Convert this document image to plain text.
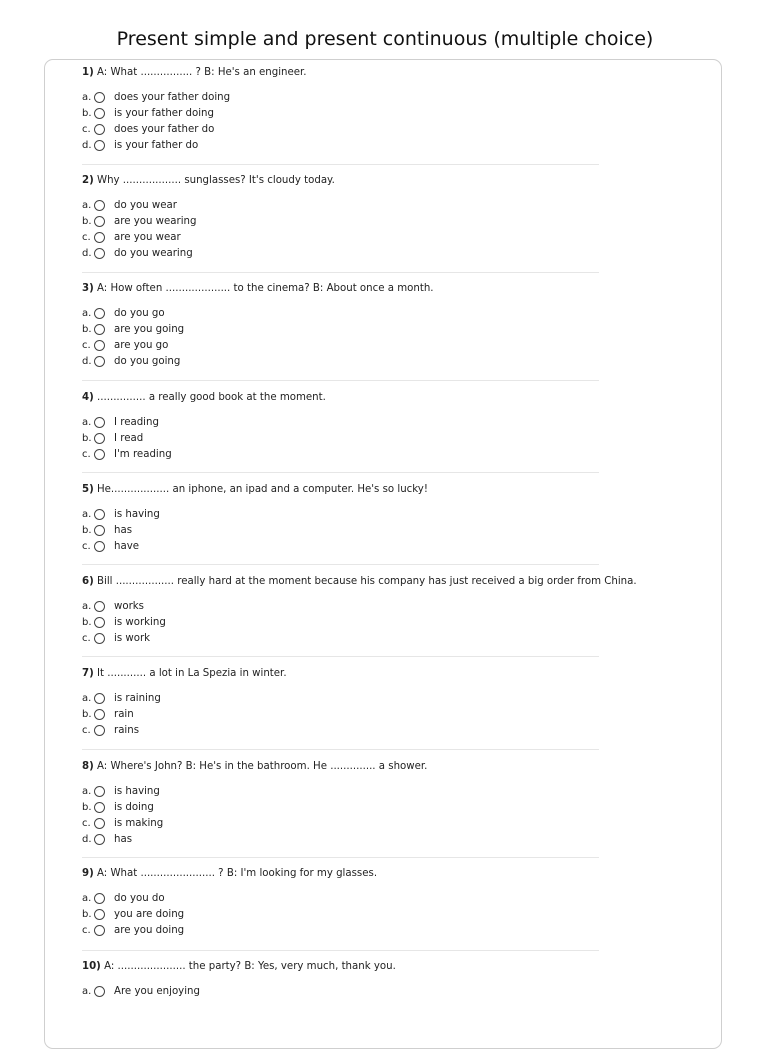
Present simple and present continuous (multiple choice)
1) A: What ................ ? B: He's an engineer.
a. does your father doing
b. is your father doing
c.	does your father do
d. is your father do
2) Why .................. sunglasses? It's cloudy today.
a. do you wear
b. are you wearing
c.	are you wear
d. do you wearing
3) A: How often .................... to the cinema? B: About once a month.
a. do you go
b. are you going
c.	are you go
d. do you going
4) ............... a really good book at the moment.
a. I reading
b. I read
c.	I'm reading
5) He.................. an iphone, an ipad and a computer. He's so lucky!
a. is having
b. has
c.	have
6) Bill .................. really hard at the moment because his company has just received a big order from China.
a. works
b. is working
c.	is work
7) It ............ a lot in La Spezia in winter.
a. is raining
b. rain
c.	rains
8) A: Where's John? B: He's in the bathroom. He .............. a shower.
a. is having
b. is doing
c.	is making
d. has
9) A: What ....................... ? B: I'm looking for my glasses.
a. do you do
b. you are doing
c.	are you doing
10) A: ..................... the party? B: Yes, very much, thank you.
a. Are you enjoying
